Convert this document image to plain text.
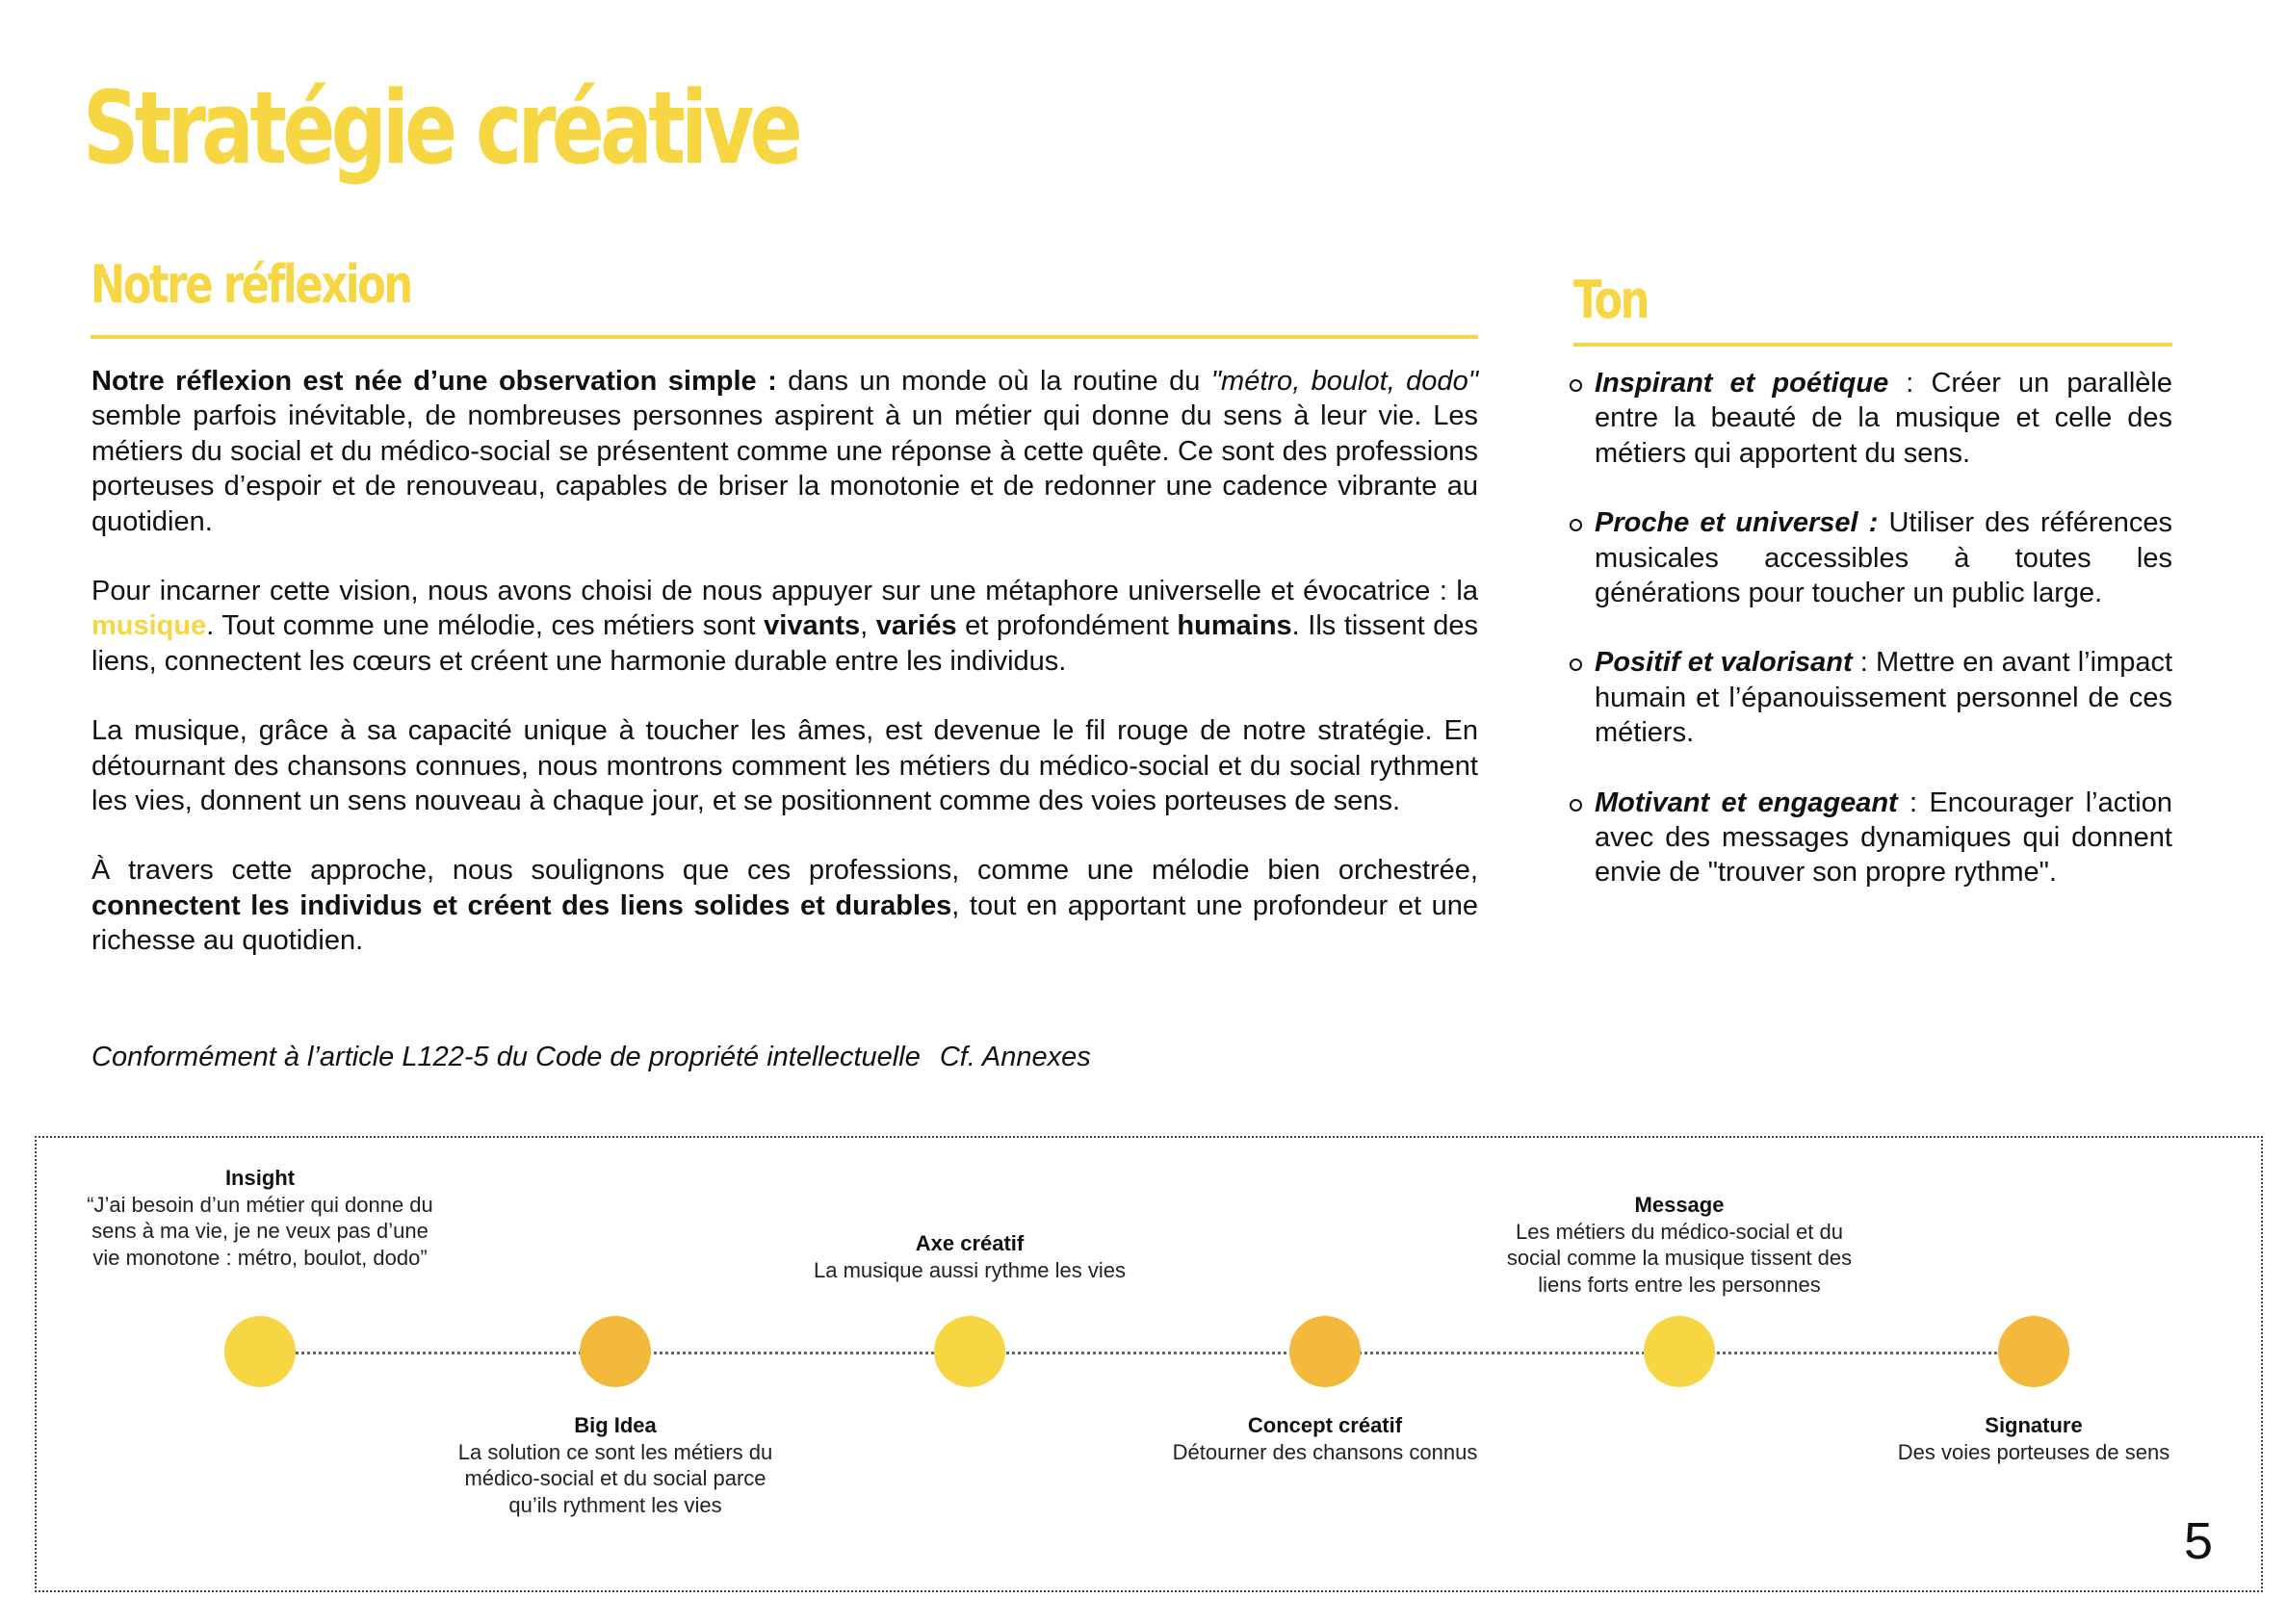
Stratégie créative
Notre réflexion

Notre réflexion est née d’une observation simple : dans un monde où la routine du "métro, boulot, dodo" semble parfois inévitable, de nombreuses personnes aspirent à un métier qui donne du sens à leur vie. Les métiers du social et du médico-social se présentent comme une réponse à cette quête. Ce sont des professions porteuses d’espoir et de renouveau, capables de briser la monotonie et de redonner une cadence vibrante au quotidien.

Pour incarner cette vision, nous avons choisi de nous appuyer sur une métaphore universelle et évocatrice : la musique. Tout comme une mélodie, ces métiers sont vivants, variés et profondément humains. Ils tissent des liens, connectent les cœurs et créent une harmonie durable entre les individus.

La musique, grâce à sa capacité unique à toucher les âmes, est devenue le fil rouge de notre stratégie. En détournant des chansons connues, nous montrons comment les métiers du médico-social et du social rythment les vies, donnent un sens nouveau à chaque jour, et se positionnent comme des voies porteuses de sens.

À travers cette approche, nous soulignons que ces professions, comme une mélodie bien orchestrée, connectent les individus et créent des liens solides et durables, tout en apportant une profondeur et une richesse au quotidien.

Conformément à l’article L122-5 du Code de propriété intellectuelle Cf. Annexes
Ton
Inspirant et poétique : Créer un parallèle entre la beauté de la musique et celle des métiers qui apportent du sens.
Proche et universel : Utiliser des références musicales accessibles à toutes les générations pour toucher un public large.
Positif et valorisant : Mettre en avant l’impact humain et l’épanouissement personnel de ces métiers.
Motivant et engageant : Encourager l’action avec des messages dynamiques qui donnent envie de "trouver son propre rythme".
Insight
“J’ai besoin d’un métier qui donne du sens à ma vie, je ne veux pas d’une vie monotone : métro, boulot, dodo”
Big Idea
La solution ce sont les métiers du médico-social et du social parce qu’ils rythment les vies
Axe créatif
La musique aussi rythme les vies
Concept créatif
Détourner des chansons connus
Message
Les métiers du médico-social et du social comme la musique tissent des liens forts entre les personnes
Signature
Des voies porteuses de sens
5
